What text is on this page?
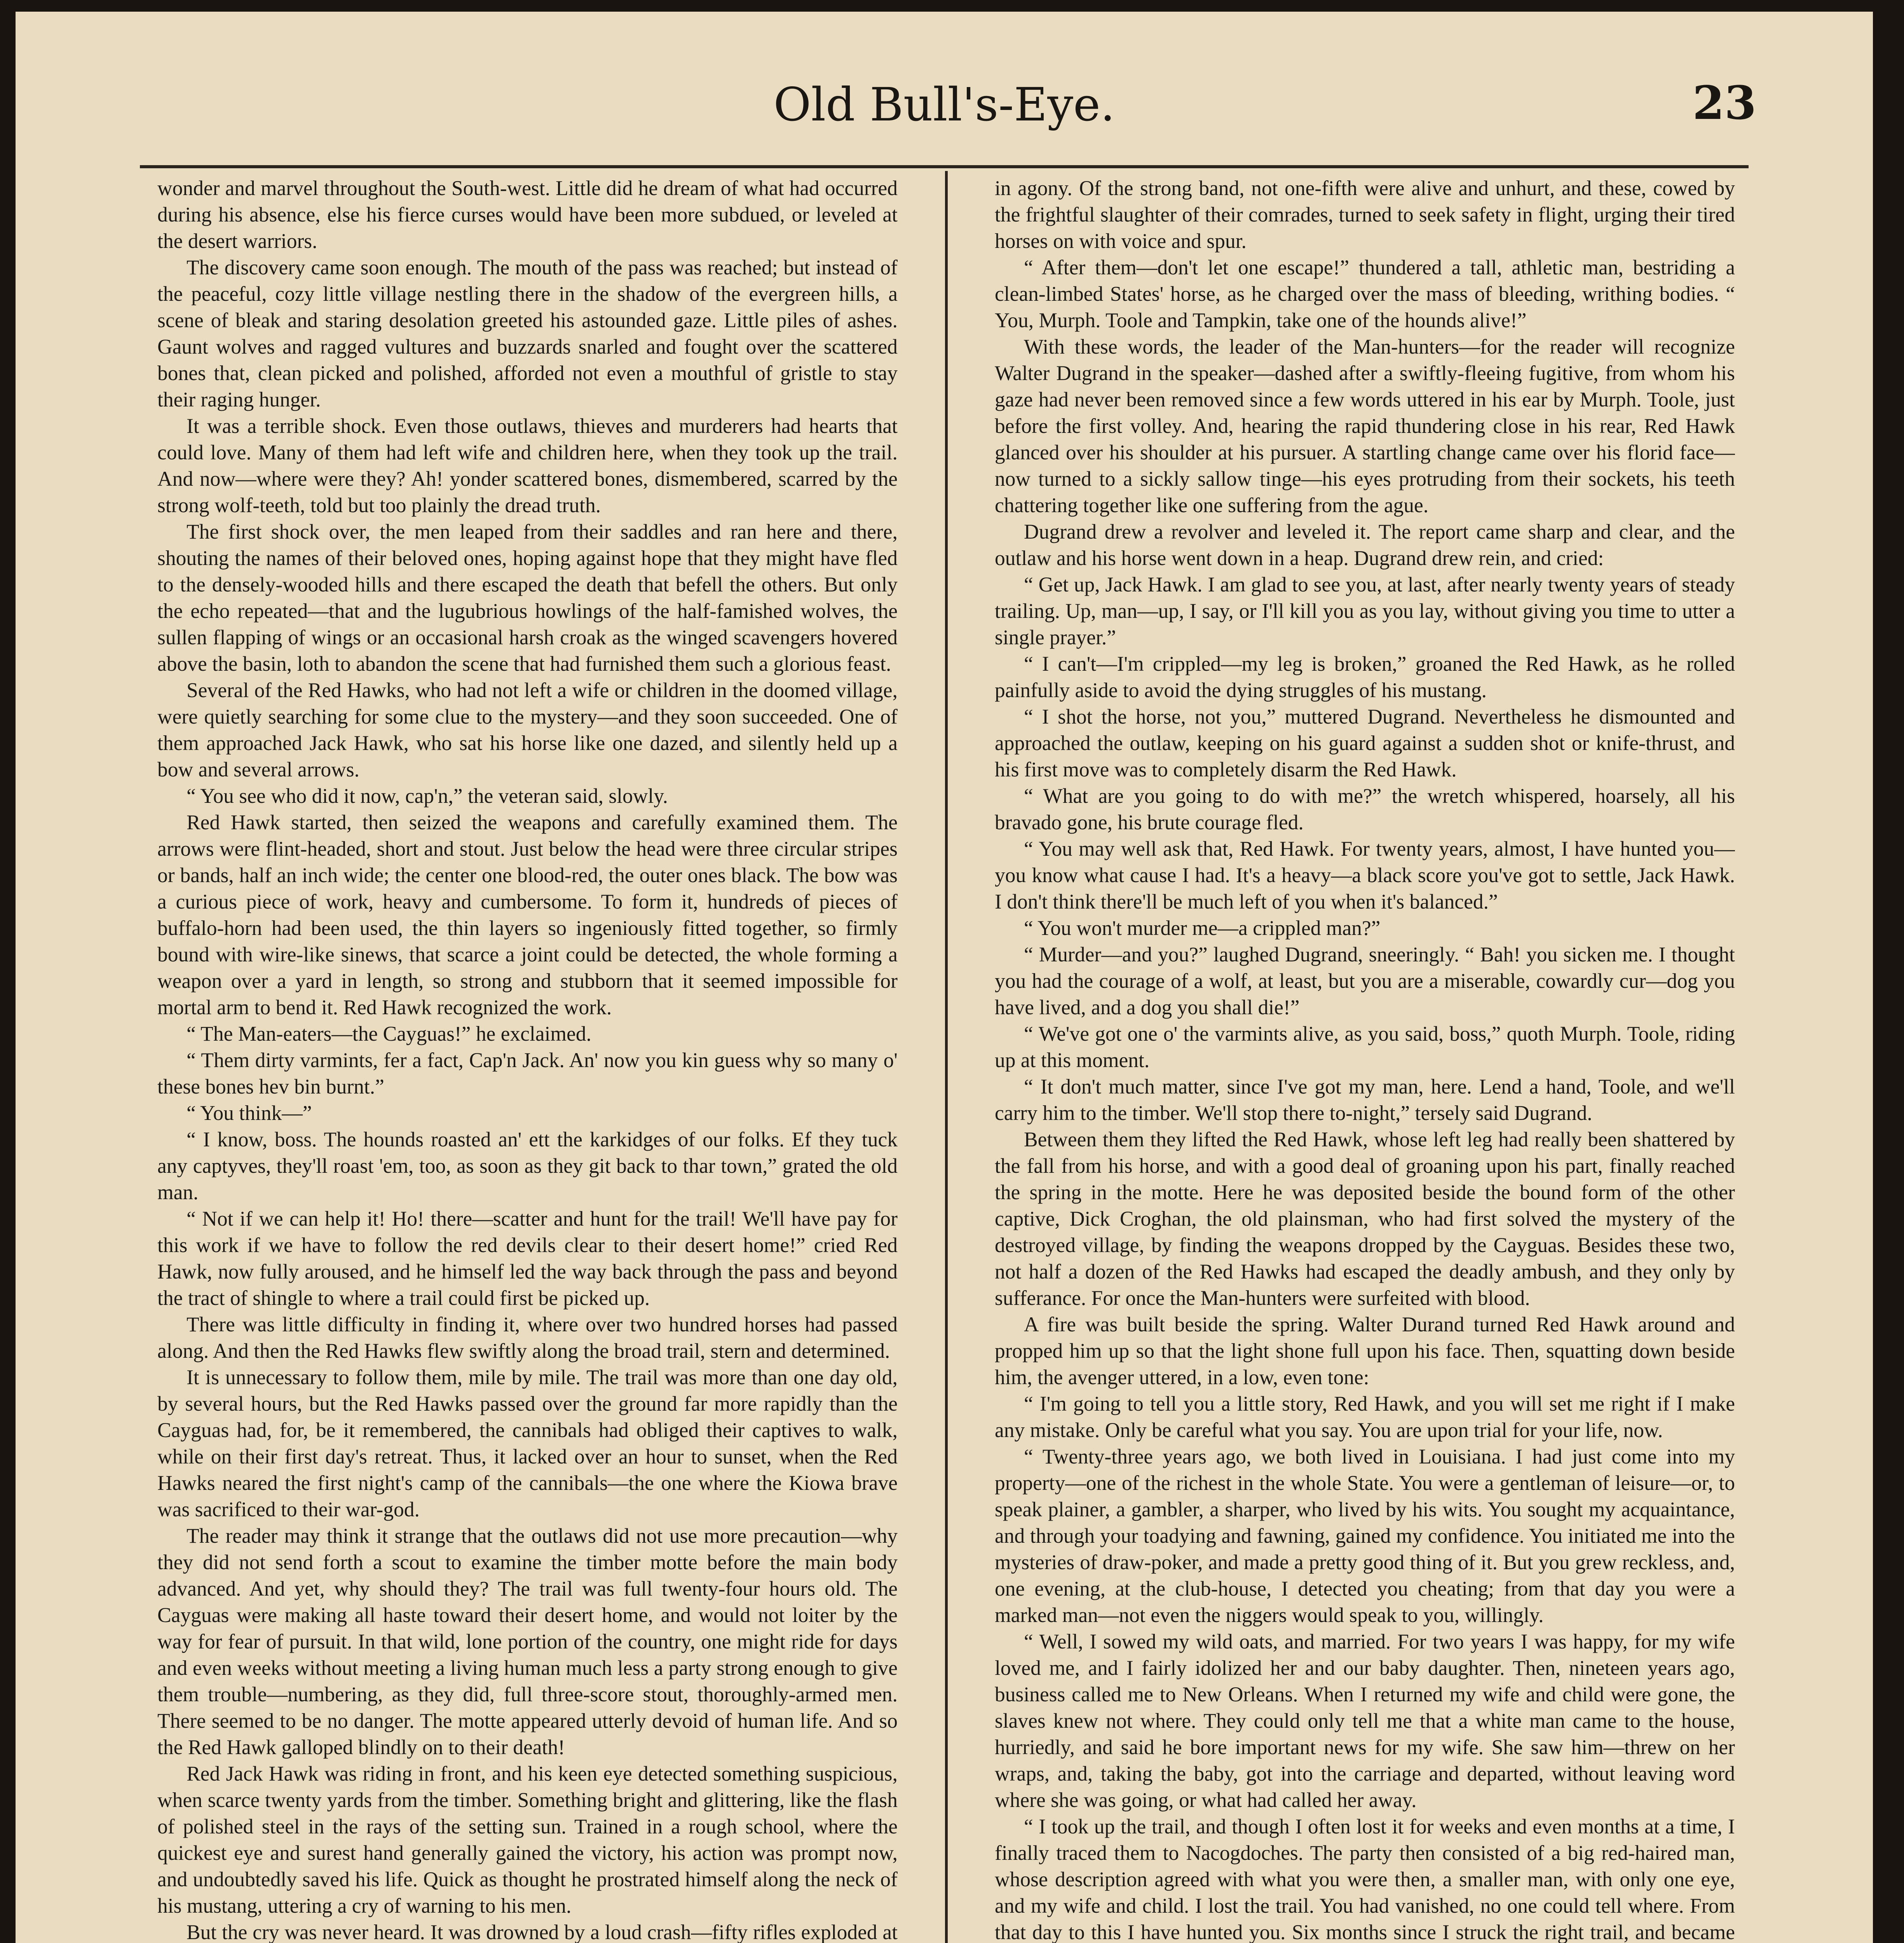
Old Bull's-Eye.	23

wonder and marvel throughout the South-west. Little did he dream of what had occurred during his absence, else his fierce curses would have been more subdued, or leveled at the desert warriors.

The discovery came soon enough. The mouth of the pass was reached; but instead of the peaceful, cozy little village nestling there in the shadow of the evergreen hills, a scene of bleak and staring desolation greeted his astounded gaze. Little piles of ashes. Gaunt wolves and ragged vultures and buzzards snarled and fought over the scattered bones that, clean picked and polished, afforded not even a mouthful of gristle to stay their raging hunger.

It was a terrible shock. Even those outlaws, thieves and murderers had hearts that could love. Many of them had left wife and children here, when they took up the trail. And now—where were they? Ah! yonder scattered bones, dismembered, scarred by the strong wolf-teeth, told but too plainly the dread truth.

The first shock over, the men leaped from their saddles and ran here and there, shouting the names of their beloved ones, hoping against hope that they might have fled to the densely-wooded hills and there escaped the death that befell the others. But only the echo repeated—that and the lugubrious howlings of the half-famished wolves, the sullen flapping of wings or an occasional harsh croak as the winged scavengers hovered above the basin, loth to abandon the scene that had furnished them such a glorious feast.

Several of the Red Hawks, who had not left a wife or children in the doomed village, were quietly searching for some clue to the mystery—and they soon succeeded. One of them approached Jack Hawk, who sat his horse like one dazed, and silently held up a bow and several arrows.

“ You see who did it now, cap'n,” the veteran said, slowly.

Red Hawk started, then seized the weapons and carefully examined them. The arrows were flint-headed, short and stout. Just below the head were three circular stripes or bands, half an inch wide; the center one blood-red, the outer ones black. The bow was a curious piece of work, heavy and cumbersome. To form it, hundreds of pieces of buffalo-horn had been used, the thin layers so ingeniously fitted together, so firmly bound with wire-like sinews, that scarce a joint could be detected, the whole forming a weapon over a yard in length, so strong and stubborn that it seemed impossible for mortal arm to bend it. Red Hawk recognized the work.

“ The Man-eaters—the Cayguas!” he exclaimed.

“ Them dirty varmints, fer a fact, Cap'n Jack. An' now you kin guess why so many o' these bones hev bin burnt.”

“ You think—”

“ I know, boss. The hounds roasted an' ett the karkidges of our folks. Ef they tuck any captyves, they'll roast 'em, too, as soon as they git back to thar town,” grated the old man.

“ Not if we can help it! Ho! there—scatter and hunt for the trail! We'll have pay for this work if we have to follow the red devils clear to their desert home!” cried Red Hawk, now fully aroused, and he himself led the way back through the pass and beyond the tract of shingle to where a trail could first be picked up.

There was little difficulty in finding it, where over two hundred horses had passed along. And then the Red Hawks flew swiftly along the broad trail, stern and determined.

It is unnecessary to follow them, mile by mile. The trail was more than one day old, by several hours, but the Red Hawks passed over the ground far more rapidly than the Cayguas had, for, be it remembered, the cannibals had obliged their captives to walk, while on their first day's retreat. Thus, it lacked over an hour to sunset, when the Red Hawks neared the first night's camp of the cannibals—the one where the Kiowa brave was sacrificed to their war-god.

The reader may think it strange that the outlaws did not use more precaution—why they did not send forth a scout to examine the timber motte before the main body advanced. And yet, why should they? The trail was full twenty-four hours old. The Cayguas were making all haste toward their desert home, and would not loiter by the way for fear of pursuit. In that wild, lone portion of the country, one might ride for days and even weeks without meeting a living human much less a party strong enough to give them trouble—numbering, as they did, full three-score stout, thoroughly-armed men. There seemed to be no danger. The motte appeared utterly devoid of human life. And so the Red Hawk galloped blindly on to their death!

Red Jack Hawk was riding in front, and his keen eye detected something suspicious, when scarce twenty yards from the timber. Something bright and glittering, like the flash of polished steel in the rays of the setting sun. Trained in a rough school, where the quickest eye and surest hand generally gained the victory, his action was prompt now, and undoubtedly saved his life. Quick as thought he prostrated himself along the neck of his mustang, uttering a cry of warning to his men.

But the cry was never heard. It was drowned by a loud crash—fifty rifles exploded at

in agony. Of the strong band, not one-fifth were alive and unhurt, and these, cowed by the frightful slaughter of their comrades, turned to seek safety in flight, urging their tired horses on with voice and spur.

“ After them—don't let one escape!” thundered a tall, athletic man, bestriding a clean-limbed States' horse, as he charged over the mass of bleeding, writhing bodies. “ You, Murph. Toole and Tampkin, take one of the hounds alive!”

With these words, the leader of the Man-hunters—for the reader will recognize Walter Dugrand in the speaker—dashed after a swiftly-fleeing fugitive, from whom his gaze had never been removed since a few words uttered in his ear by Murph. Toole, just before the first volley. And, hearing the rapid thundering close in his rear, Red Hawk glanced over his shoulder at his pursuer. A startling change came over his florid face—now turned to a sickly sallow tinge—his eyes protruding from their sockets, his teeth chattering together like one suffering from the ague.

Dugrand drew a revolver and leveled it. The report came sharp and clear, and the outlaw and his horse went down in a heap. Dugrand drew rein, and cried:

“ Get up, Jack Hawk. I am glad to see you, at last, after nearly twenty years of steady trailing. Up, man—up, I say, or I'll kill you as you lay, without giving you time to utter a single prayer.”

“ I can't—I'm crippled—my leg is broken,” groaned the Red Hawk, as he rolled painfully aside to avoid the dying struggles of his mustang.

“ I shot the horse, not you,” muttered Dugrand. Nevertheless he dismounted and approached the outlaw, keeping on his guard against a sudden shot or knife-thrust, and his first move was to completely disarm the Red Hawk.

“ What are you going to do with me?” the wretch whispered, hoarsely, all his bravado gone, his brute courage fled.

“ You may well ask that, Red Hawk. For twenty years, almost, I have hunted you—you know what cause I had. It's a heavy—a black score you've got to settle, Jack Hawk. I don't think there'll be much left of you when it's balanced.”

“ You won't murder me—a crippled man?”

“ Murder—and you?” laughed Dugrand, sneeringly. “ Bah! you sicken me. I thought you had the courage of a wolf, at least, but you are a miserable, cowardly cur—dog you have lived, and a dog you shall die!”

“ We've got one o' the varmints alive, as you said, boss,” quoth Murph. Toole, riding up at this moment.

“ It don't much matter, since I've got my man, here. Lend a hand, Toole, and we'll carry him to the timber. We'll stop there to-night,” tersely said Dugrand.

Between them they lifted the Red Hawk, whose left leg had really been shattered by the fall from his horse, and with a good deal of groaning upon his part, finally reached the spring in the motte. Here he was deposited beside the bound form of the other captive, Dick Croghan, the old plainsman, who had first solved the mystery of the destroyed village, by finding the weapons dropped by the Cayguas. Besides these two, not half a dozen of the Red Hawks had escaped the deadly ambush, and they only by sufferance. For once the Man-hunters were surfeited with blood.

A fire was built beside the spring. Walter Durand turned Red Hawk around and propped him up so that the light shone full upon his face. Then, squatting down beside him, the avenger uttered, in a low, even tone:

“ I'm going to tell you a little story, Red Hawk, and you will set me right if I make any mistake. Only be careful what you say. You are upon trial for your life, now.

“ Twenty-three years ago, we both lived in Louisiana. I had just come into my property—one of the richest in the whole State. You were a gentleman of leisure—or, to speak plainer, a gambler, a sharper, who lived by his wits. You sought my acquaintance, and through your toadying and fawning, gained my confidence. You initiated me into the mysteries of draw-poker, and made a pretty good thing of it. But you grew reckless, and, one evening, at the club-house, I detected you cheating; from that day you were a marked man—not even the niggers would speak to you, willingly.

“ Well, I sowed my wild oats, and married. For two years I was happy, for my wife loved me, and I fairly idolized her and our baby daughter. Then, nineteen years ago, business called me to New Orleans. When I returned my wife and child were gone, the slaves knew not where. They could only tell me that a white man came to the house, hurriedly, and said he bore important news for my wife. She saw him—threw on her wraps, and, taking the baby, got into the carriage and departed, without leaving word where she was going, or what had called her away.

“ I took up the trail, and though I often lost it for weeks and even months at a time, I finally traced them to Nacogdoches. The party then consisted of a big red-haired man, whose description agreed with what you were then, a smaller man, with only one eye, and my wife and child. I lost the trail. You had vanished, no one could tell where. From that day to this I have hunted you. Six months since I struck the right trail, and became
